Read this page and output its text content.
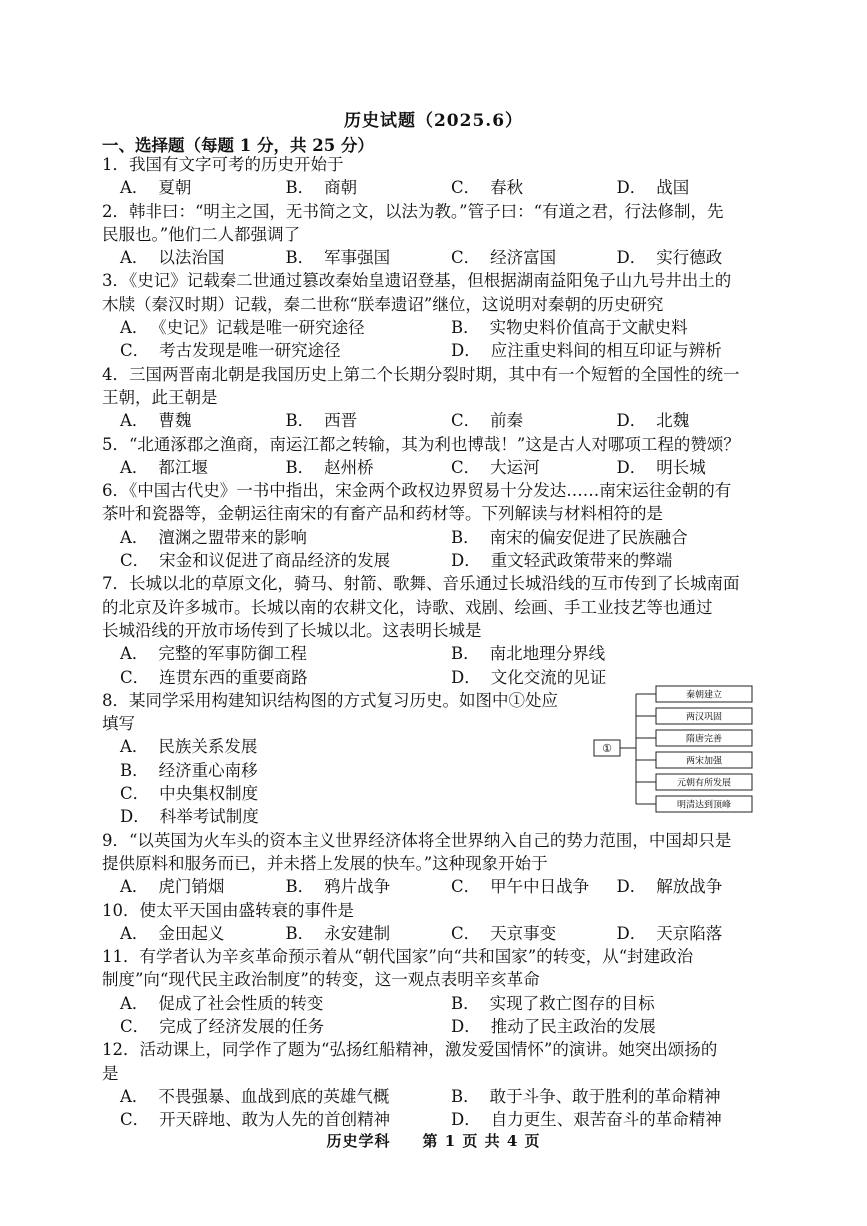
历史试题（2025.6）
一、选择题（每题 1 分，共 25 分）
1．我国有文字可考的历史开始于
A． 夏朝	B． 商朝	C． 春秋	D． 战国
2．韩非曰：“明主之国，无书简之文，以法为教。”管子曰：“有道之君，行法修制，先
民服也。”他们二人都强调了
A． 以法治国	B． 军事强国	C． 经济富国	D． 实行德政
3．《史记》记载秦二世通过篡改秦始皇遗诏登基，但根据湖南益阳兔子山九号井出土的
木牍（秦汉时期）记载，秦二世称“朕奉遗诏”继位，这说明对秦朝的历史研究
A． 《史记》记载是唯一研究途径	B． 实物史料价值高于文献史料
C． 考古发现是唯一研究途径	D． 应注重史料间的相互印证与辨析
4．三国两晋南北朝是我国历史上第二个长期分裂时期，其中有一个短暂的全国性的统一
王朝，此王朝是
A． 曹魏	B． 西晋	C． 前秦	D． 北魏
5．“北通涿郡之渔商，南运江都之转输，其为利也博哉！”这是古人对哪项工程的赞颂？
A． 都江堰	B． 赵州桥	C． 大运河	D． 明长城
6．《中国古代史》一书中指出，宋金两个政权边界贸易十分发达……南宋运往金朝的有
茶叶和瓷器等，金朝运往南宋的有畜产品和药材等。下列解读与材料相符的是
A． 澶渊之盟带来的影响	B． 南宋的偏安促进了民族融合
C． 宋金和议促进了商品经济的发展	D． 重文轻武政策带来的弊端
7．长城以北的草原文化，骑马、射箭、歌舞、音乐通过长城沿线的互市传到了长城南面
的北京及许多城市。长城以南的农耕文化，诗歌、戏剧、绘画、手工业技艺等也通过
长城沿线的开放市场传到了长城以北。这表明长城是
A． 完整的军事防御工程	B． 南北地理分界线
C． 连贯东西的重要商路	D． 文化交流的见证
8．某同学采用构建知识结构图的方式复习历史。如图中①处应
填写
A． 民族关系发展
B． 经济重心南移
C． 中央集权制度
D． 科举考试制度
9．“以英国为火车头的资本主义世界经济体将全世界纳入自己的势力范围，中国却只是
提供原料和服务而已，并未搭上发展的快车。”这种现象开始于
A． 虎门销烟	B． 鸦片战争	C． 甲午中日战争	D． 解放战争
10．使太平天国由盛转衰的事件是
A． 金田起义	B． 永安建制	C． 天京事变	D． 天京陷落
11．有学者认为辛亥革命预示着从“朝代国家”向“共和国家”的转变，从“封建政治
制度”向“现代民主政治制度”的转变，这一观点表明辛亥革命
A． 促成了社会性质的转变	B． 实现了救亡图存的目标
C． 完成了经济发展的任务	D． 推动了民主政治的发展
12．活动课上，同学作了题为“弘扬红船精神，激发爱国情怀”的演讲。她突出颂扬的
是
A． 不畏强暴、血战到底的英雄气概	B． 敢于斗争、敢于胜利的革命精神
C． 开天辟地、敢为人先的首创精神	D． 自力更生、艰苦奋斗的革命精神
①
秦朝建立
两汉巩固
隋唐完善
两宋加强
元朝有所发展
明清达到顶峰
历史学科　　第 1 页 共 4 页
